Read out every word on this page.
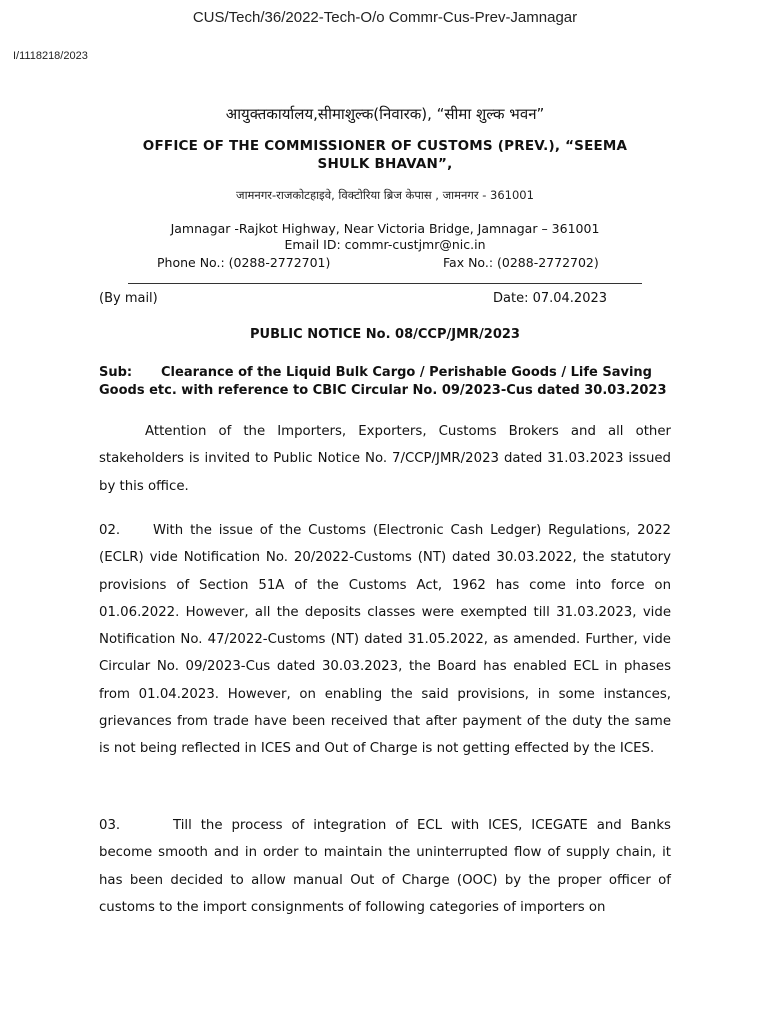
CUS/Tech/36/2022-Tech-O/o Commr-Cus-Prev-Jamnagar
I/1118218/2023
आयुक्तकार्यालय,सीमाशुल्क(निवारक), “सीमा शुल्क भवन”
OFFICE OF THE COMMISSIONER OF CUSTOMS (PREV.), “SEEMA SHULK BHAVAN”,
जामनगर-राजकोटहाइवे, विक्टोरिया ब्रिज केपास , जामनगर - 361001
Jamnagar -Rajkot Highway, Near Victoria Bridge, Jamnagar – 361001
Email ID: commr-custjmr@nic.in
Phone No.: (0288-2772701)	Fax No.: (0288-2772702)
(By mail)	Date: 07.04.2023
PUBLIC NOTICE No. 08/CCP/JMR/2023
Sub: Clearance of the Liquid Bulk Cargo / Perishable Goods / Life Saving Goods etc. with reference to CBIC Circular No. 09/2023-Cus dated 30.03.2023
Attention of the Importers, Exporters, Customs Brokers and all other stakeholders is invited to Public Notice No. 7/CCP/JMR/2023 dated 31.03.2023 issued by this office.
02. With the issue of the Customs (Electronic Cash Ledger) Regulations, 2022 (ECLR) vide Notification No. 20/2022-Customs (NT) dated 30.03.2022, the statutory provisions of Section 51A of the Customs Act, 1962 has come into force on 01.06.2022. However, all the deposits classes were exempted till 31.03.2023, vide Notification No. 47/2022-Customs (NT) dated 31.05.2022, as amended. Further, vide Circular No. 09/2023-Cus dated 30.03.2023, the Board has enabled ECL in phases from 01.04.2023. However, on enabling the said provisions, in some instances, grievances from trade have been received that after payment of the duty the same is not being reflected in ICES and Out of Charge is not getting effected by the ICES.
03.	Till the process of integration of ECL with ICES, ICEGATE and Banks become smooth and in order to maintain the uninterrupted flow of supply chain, it has been decided to allow manual Out of Charge (OOC) by the proper officer of customs to the import consignments of following categories of importers on
